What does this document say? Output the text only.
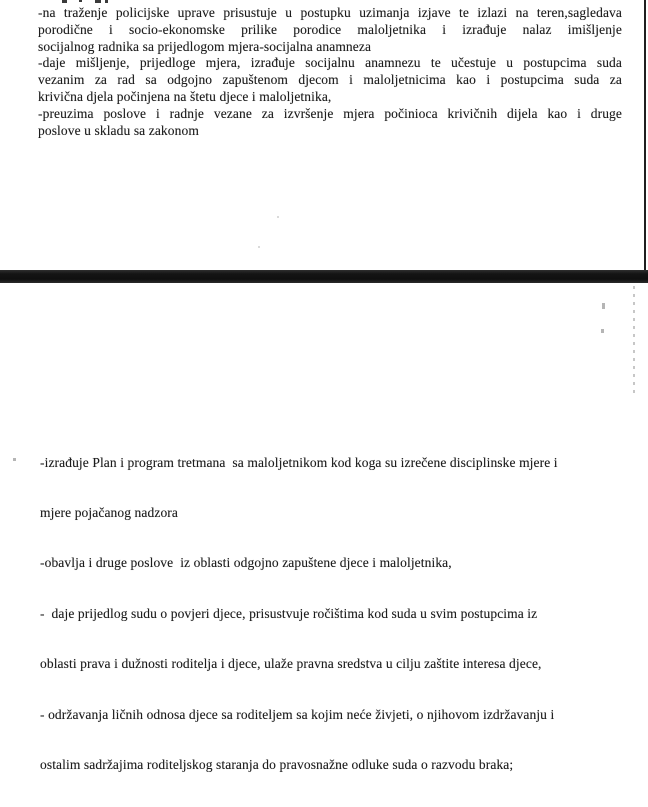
-na traženje policijske uprave prisustuje u postupku uzimanja izjave te izlazi na teren,sagledava
porodične i socio-ekonomske prilike porodice maloljetnika i izrađuje nalaz imišljenje
socijalnog radnika sa prijedlogom mjera-socijalna anamneza
-daje mišljenje, prijedloge mjera, izrađuje socijalnu anamnezu te učestuje u postupcima suda
vezanim za rad sa odgojno zapuštenom djecom i maloljetnicima kao i postupcima suda za
krivična djela počinjena na štetu djece i maloljetnika,
-preuzima poslove i radnje vezane za izvršenje mjera počinioca krivičnih dijela kao i druge
poslove u skladu sa zakonom

-izrađuje Plan i program tretmana  sa maloljetnikom kod koga su izrečene disciplinske mjere i

mjere pojačanog nadzora

-obavlja i druge poslove  iz oblasti odgojno zapuštene djece i maloljetnika,

-  daje prijedlog sudu o povjeri djece, prisustvuje ročištima kod suda u svim postupcima iz

oblasti prava i dužnosti roditelja i djece, ulaže pravna sredstva u cilju zaštite interesa djece,

- održavanja ličnih odnosa djece sa roditeljem sa kojim neće živjeti, o njihovom izdržavanju i

ostalim sadržajima roditeljskog staranja do pravosnažne odluke suda o razvodu braka;
